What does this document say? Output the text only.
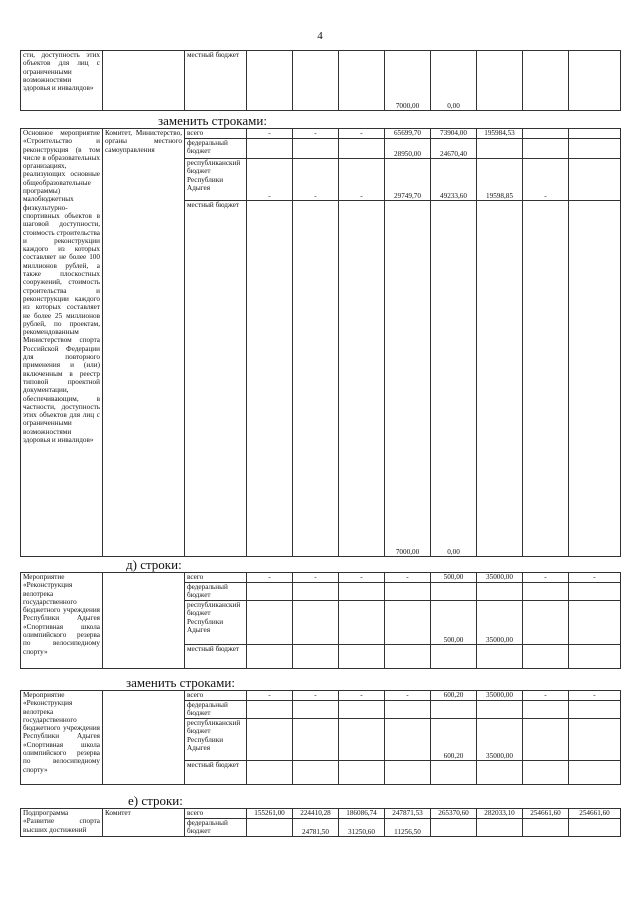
4
сти, доступность этих объектов для лиц с ограниченными возможностями здоровья и инвалидов»		местный бюджет				7000,00	0,00			
заменить строками:
Основное мероприятие «Строительство и реконструкция (в том числе в образовательных организациях, реализующих основные общеобразовательные программы) малобюджетных физкультурно-спортивных объектов в шаговой доступности, стоимость строительства и реконструкции каждого из которых составляет не более 100 миллионов рублей, а также плоскостных сооружений, стоимость строительства и реконструкции каждого из которых составляет не более 25 миллионов рублей, по проектам, рекомендованным Министерством спорта Российской Федерации для повторного применения и (или) включенным в реестр типовой проектной документации, обеспечивающим, в частности, доступность этих объектов для лиц с ограниченными возможностями здоровья и инвалидов»	Комитет, Министерство, органы местного самоуправления	всего	-	-	-	65699,70	73904,00	195984,53		
		федеральный бюджет				28950,00	24670,40			
		республиканский бюджет Республики Адыгея	-	-	-	29749,70	49233,60	19598,85	-	
		местный бюджет				7000,00	0,00			
д) строки:
Мероприятие «Реконструкция велотрека государственного бюджетного учреждения Республики Адыгея «Спортивная школа олимпийского резерва по велосипедному спорту»		всего	-	-	-	-	500,00	35000,00	-	-
		федеральный бюджет								
		республиканский бюджет Республики Адыгея					500,00	35000,00		
		местный бюджет								
заменить строками:
Мероприятие «Реконструкция велотрека государственного бюджетного учреждения Республики Адыгея «Спортивная школа олимпийского резерва по велосипедному спорту»		всего	-	-	-	-	600,20	35000,00	-	-
		федеральный бюджет								
		республиканский бюджет Республики Адыгея					600,20	35000,00		
		местный бюджет								
е) строки:
Подпрограмма «Развитие спорта высших достижений	Комитет	всего	155261,00	224410,28	186086,74	247871,53	265370,60	282033,10	254661,60	254661,60
		федеральный бюджет		24781,50	31250,60	11256,50				
